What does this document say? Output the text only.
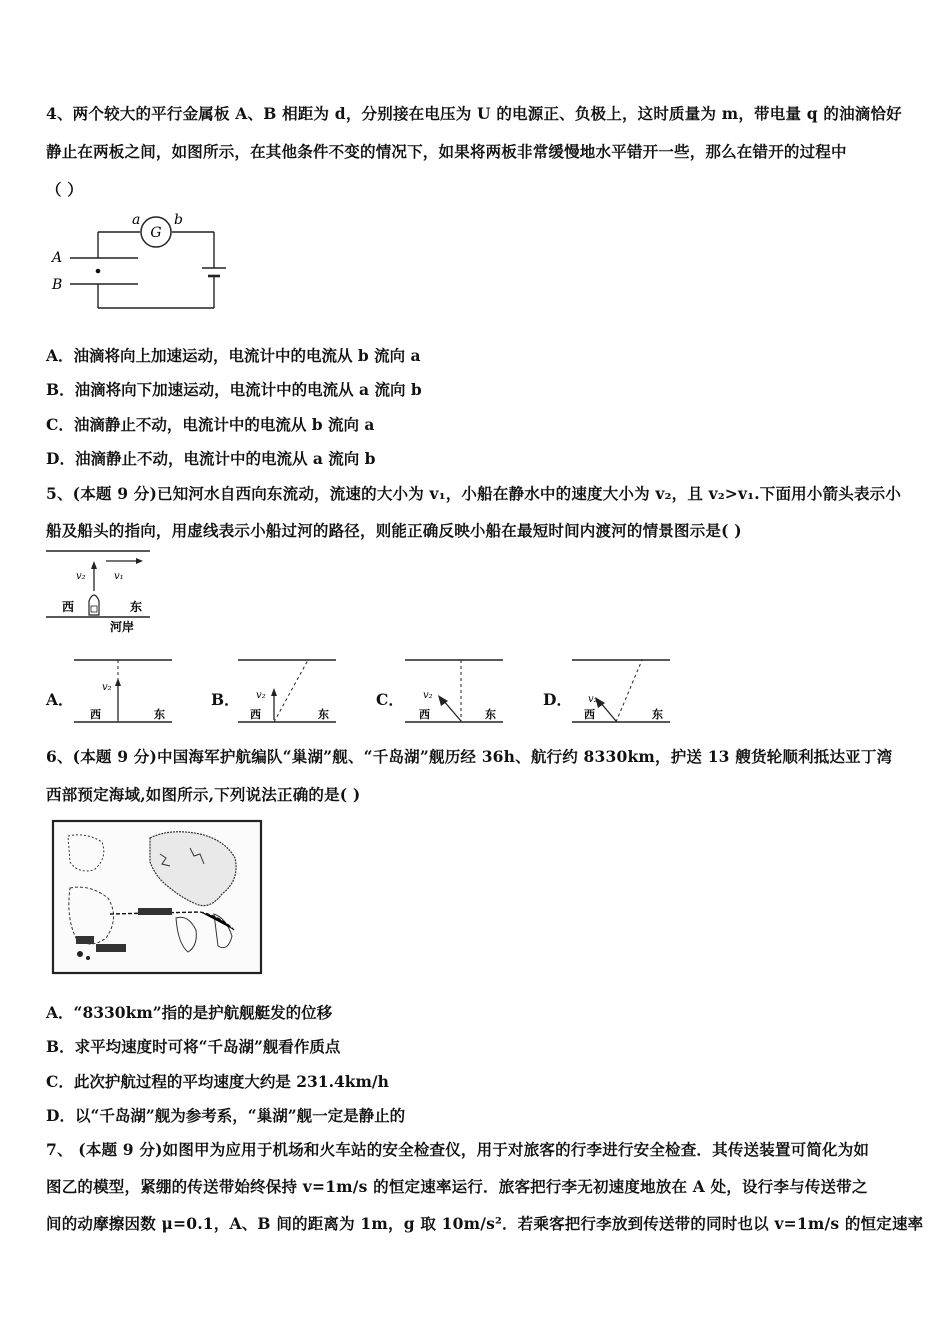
4、两个较大的平行金属板 A、B 相距为 d，分别接在电压为 U 的电源正、负极上，这时质量为 m，带电量 q 的油滴恰好
静止在两板之间，如图所示，在其他条件不变的情况下，如果将两板非常缓慢地水平错开一些，那么在错开的过程中
（ ）
G
a b
A
B
A．油滴将向上加速运动，电流计中的电流从 b 流向 a
B．油滴将向下加速运动，电流计中的电流从 a 流向 b
C．油滴静止不动，电流计中的电流从 b 流向 a
D．油滴静止不动，电流计中的电流从 a 流向 b
5、(本题 9 分)已知河水自西向东流动，流速的大小为 v₁，小船在静水中的速度大小为 v₂，且 v₂>v₁.下面用小箭头表示小
船及船头的指向，用虚线表示小船过河的路径，则能正确反映小船在最短时间内渡河的情景图示是( )
v₁
v₂
西	东
河岸
A．
v₂
西	东
B． v₂
西	东
C． v₂
西	东
D． v₂
西	东
6、(本题 9 分)中国海军护航编队“巢湖”舰、“千岛湖”舰历经 36h、航行约 8330km，护送 13 艘货轮顺利抵达亚丁湾
西部预定海域,如图所示,下列说法正确的是( )
A．“8330km”指的是护航舰艇发的位移
B．求平均速度时可将“千岛湖”舰看作质点
C．此次护航过程的平均速度大约是 231.4km/h
D．以“千岛湖”舰为参考系，“巢湖”舰一定是静止的
7、 (本题 9 分)如图甲为应用于机场和火车站的安全检查仪，用于对旅客的行李进行安全检查．其传送装置可简化为如
图乙的模型，紧绷的传送带始终保持 v=1m/s 的恒定速率运行．旅客把行李无初速度地放在 A 处，设行李与传送带之
间的动摩擦因数 μ=0.1，A、B 间的距离为 1m，g 取 10m/s²．若乘客把行李放到传送带的同时也以 v=1m/s 的恒定速率
